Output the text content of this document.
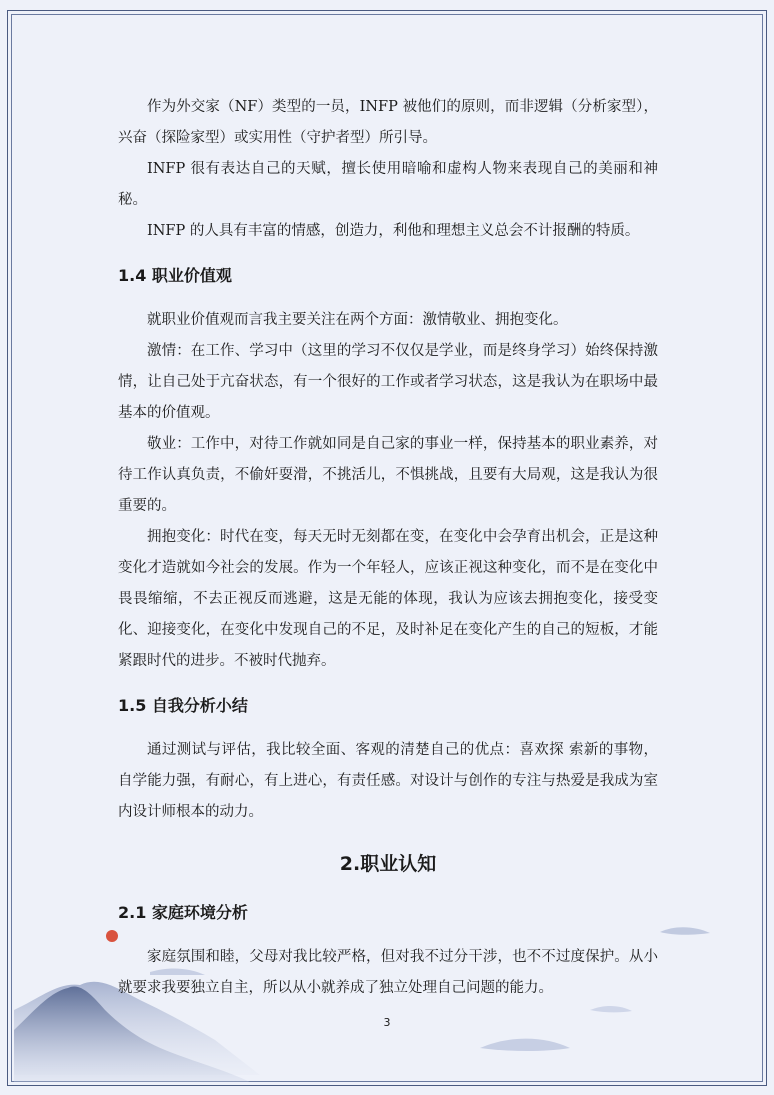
作为外交家（NF）类型的一员，INFP 被他们的原则，而非逻辑（分析家型），兴奋（探险家型）或实用性（守护者型）所引导。

INFP 很有表达自己的天赋，擅长使用暗喻和虚构人物来表现自己的美丽和神秘。

INFP 的人具有丰富的情感，创造力，利他和理想主义总会不计报酬的特质。

1.4 职业价值观

就职业价值观而言我主要关注在两个方面：激情敬业、拥抱变化。

激情：在工作、学习中（这里的学习不仅仅是学业，而是终身学习）始终保持激情，让自己处于亢奋状态，有一个很好的工作或者学习状态，这是我认为在职场中最基本的价值观。

敬业：工作中，对待工作就如同是自己家的事业一样，保持基本的职业素养，对待工作认真负责，不偷奸耍滑，不挑活儿，不惧挑战，且要有大局观，这是我认为很重要的。

拥抱变化：时代在变，每天无时无刻都在变，在变化中会孕育出机会，正是这种变化才造就如今社会的发展。作为一个年轻人，应该正视这种变化，而不是在变化中畏畏缩缩，不去正视反而逃避，这是无能的体现，我认为应该去拥抱变化，接受变化、迎接变化，在变化中发现自己的不足，及时补足在变化产生的自己的短板，才能紧跟时代的进步。不被时代抛弃。

1.5 自我分析小结

通过测试与评估，我比较全面、客观的清楚自己的优点：喜欢探 索新的事物，自学能力强，有耐心，有上进心，有责任感。对设计与创作的专注与热爱是我成为室内设计师根本的动力。

2.职业认知
2.1 家庭环境分析

家庭氛围和睦，父母对我比较严格，但对我不过分干涉，也不不过度保护。从小就要求我要独立自主，所以从小就养成了独立处理自己问题的能力。

3
